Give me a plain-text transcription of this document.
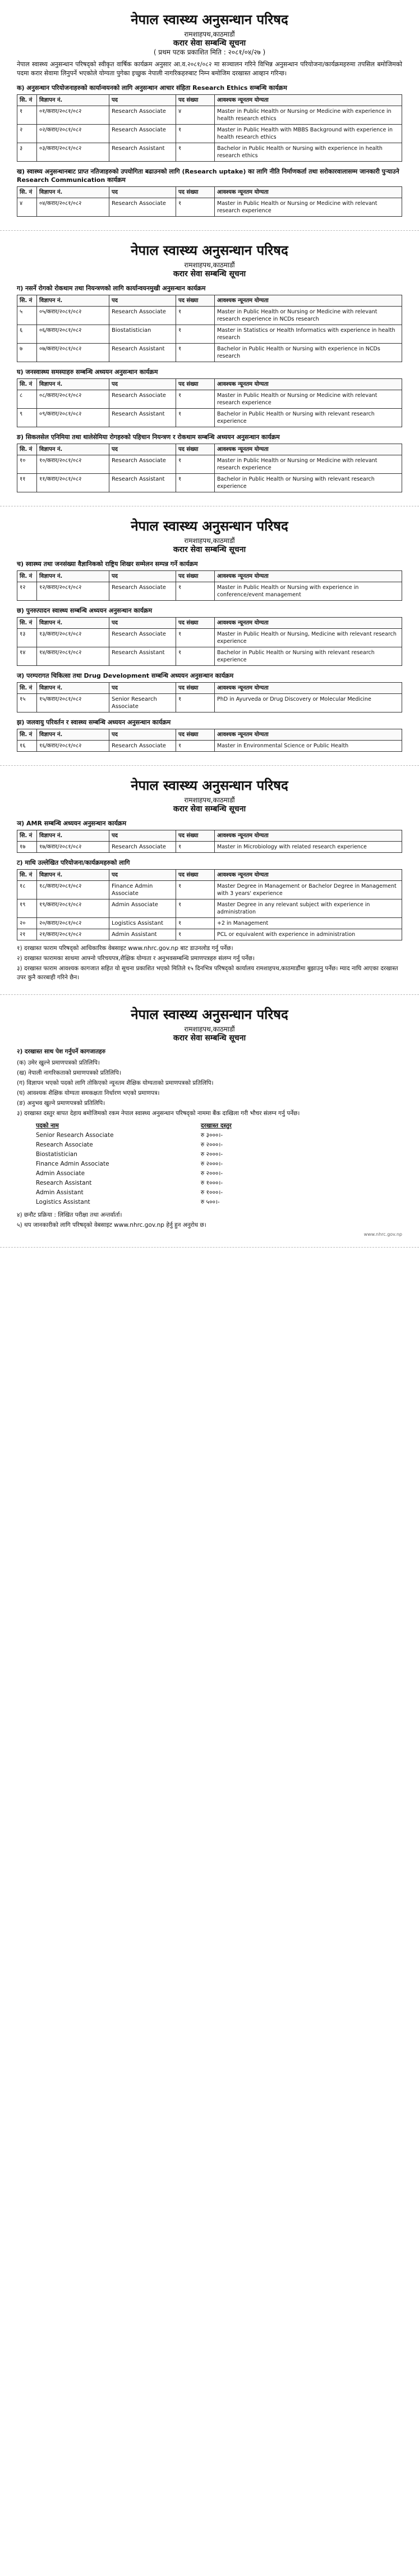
नेपाल स्वास्थ्य अनुसन्धान परिषद
रामशाहपथ,काठमाडौं
करार सेवा सम्बन्धि सूचना
( प्रथम पटक प्रकाशित मिति : २०८१/०४/२७ )
नेपाल स्वास्थ्य अनुसन्धान परिषद्को स्वीकृत वार्षिक कार्यक्रम अनुसार आ.व.२०८१/०८२ मा सञ्चालन गरिने विभिन्न अनुसन्धान परियोजना/कार्यक्रमहरुमा तपसिल बमोजिमको पदमा करार सेवामा लिनुपर्ने भएकोले योग्यता पुगेका इच्छुक नेपाली नागरिकहरुबाट निम्न बमोजिम दरखास्त आव्हान गरिन्छ।
क) अनुसन्धान परियोजनाहरुको कार्यान्वयनको लागि अनुसन्धान आचार संहिता Research Ethics सम्बन्धि कार्यक्रम
सि. नं	विज्ञापन नं.	पद	पद संख्या	आवश्यक न्यूनतम योग्यता
१	०१/करार/२०८१/०८२	Research Associate	४	Master in Public Health or Nursing or Medicine with experience in health research ethics
२	०२/करार/२०८१/०८२	Research Associate	१	Master in Public Health with MBBS Background with experience in health research ethics
३	०३/करार/२०८१/०८२	Research Assistant	१	Bachelor in Public Health or Nursing with experience in health research ethics
ख) स्वास्थ्य अनुसन्धानबाट प्राप्त नतिजाहरुको उपयोगिता बढाउनको लागि (Research uptake) का लागि नीति निर्माणकर्ता तथा सरोकारवालासम्म जानकारी पुऱ्याउने Research Communication कार्यक्रम
सि. नं	विज्ञापन नं.	पद	पद संख्या	आवश्यक न्यूनतम योग्यता
४	०४/करार/२०८१/०८२	Research Associate	१	Master in Public Health or Nursing or Medicine with relevant research experience
नेपाल स्वास्थ्य अनुसन्धान परिषद
रामशाहपथ,काठमाडौं
करार सेवा सम्बन्धि सूचना
ग) नसर्ने रोगको रोकथाम तथा नियन्त्रणको लागि कार्यान्वयनमुखी अनुसन्धान कार्यक्रम
सि. नं	विज्ञापन नं.	पद	पद संख्या	आवश्यक न्यूनतम योग्यता
५	०५/करार/२०८१/०८२	Research Associate	१	Master in Public Health or Nursing or Medicine with relevant research experience in NCDs research
६	०६/करार/२०८१/०८२	Biostatistician	१	Master in Statistics or Health Informatics with experience in health research
७	०७/करार/२०८१/०८२	Research Assistant	१	Bachelor in Public Health or Nursing with experience in NCDs research
घ) जनस्वास्थ्य समस्याहरु सम्बन्धि अध्ययन अनुसन्धान कार्यक्रम
सि. नं	विज्ञापन नं.	पद	पद संख्या	आवश्यक न्यूनतम योग्यता
८	०८/करार/२०८१/०८२	Research Associate	१	Master in Public Health or Nursing or Medicine with relevant research experience
९	०९/करार/२०८१/०८२	Research Assistant	१	Bachelor in Public Health or Nursing with relevant research experience
ङ) सिकलसेल एनिमिया तथा थालेसेमिया रोगहरुको पहिचान नियन्त्रण र रोकथाम सम्बन्धि अध्ययन अनुसन्धान कार्यक्रम
सि. नं	विज्ञापन नं.	पद	पद संख्या	आवश्यक न्यूनतम योग्यता
१०	१०/करार/२०८१/०८२	Research Associate	१	Master in Public Health or Nursing or Medicine with relevant research experience
११	११/करार/२०८१/०८२	Research Assistant	१	Bachelor in Public Health or Nursing with relevant research experience
नेपाल स्वास्थ्य अनुसन्धान परिषद
रामशाहपथ,काठमाडौं
करार सेवा सम्बन्धि सूचना
च) स्वास्थ्य तथा जनसंख्या वैज्ञानिकको राष्ट्रिय शिखर सम्मेलन सम्पन्न गर्ने कार्यक्रम
सि. नं	विज्ञापन नं.	पद	पद संख्या	आवश्यक न्यूनतम योग्यता
१२	१२/करार/२०८१/०८२	Research Associate	१	Master in Public Health or Nursing with experience in conference/event management
छ) पुनरुत्पादन स्वास्थ्य सम्बन्धि अध्ययन अनुसन्धान कार्यक्रम
सि. नं	विज्ञापन नं.	पद	पद संख्या	आवश्यक न्यूनतम योग्यता
१३	१३/करार/२०८१/०८२	Research Associate	१	Master in Public Health or Nursing, Medicine with relevant research experience
१४	१४/करार/२०८१/०८२	Research Assistant	१	Bachelor in Public Health or Nursing with relevant research experience
ज) परम्परागत चिकित्सा तथा Drug Development सम्बन्धि अध्ययन अनुसन्धान कार्यक्रम
सि. नं	विज्ञापन नं.	पद	पद संख्या	आवश्यक न्यूनतम योग्यता
१५	१५/करार/२०८१/०८२	Senior Research Associate	१	PhD in Ayurveda or Drug Discovery or Molecular Medicine
झ) जलवायु परिवर्तन र स्वास्थ्य सम्बन्धि अध्ययन अनुसन्धान कार्यक्रम
सि. नं	विज्ञापन नं.	पद	पद संख्या	आवश्यक न्यूनतम योग्यता
१६	१६/करार/२०८१/०८२	Research Associate	१	Master in Environmental Science or Public Health
नेपाल स्वास्थ्य अनुसन्धान परिषद
रामशाहपथ,काठमाडौं
करार सेवा सम्बन्धि सूचना
ञ) AMR सम्बन्धि अध्ययन अनुसन्धान कार्यक्रम
सि. नं	विज्ञापन नं.	पद	पद संख्या	आवश्यक न्यूनतम योग्यता
१७	१७/करार/२०८१/०८२	Research Associate	१	Master in Microbiology with related research experience
ट) माथि उल्लेखित परियोजना/कार्यक्रमहरुको लागि
सि. नं	विज्ञापन नं.	पद	पद संख्या	आवश्यक न्यूनतम योग्यता
१८	१८/करार/२०८१/०८२	Finance Admin Associate	१	Master Degree in Management or Bachelor Degree in Management with 3 years' experience
१९	१९/करार/२०८१/०८२	Admin Associate	१	Master Degree in any relevant subject with experience in administration
२०	२०/करार/२०८१/०८२	Logistics Assistant	१	+2 in Management
२१	२१/करार/२०८१/०८२	Admin Assistant	१	PCL or equivalent with experience in administration
१) दरखास्त फाराम परिषद्को आधिकारिक वेबसाइट www.nhrc.gov.np बाट डाउनलोड गर्नु पर्नेछ।
२) दरखास्त फारामका साथमा आफ्नो परिचयपत्र,शैक्षिक योग्यता र अनुभवसम्बन्धि प्रमाणपत्रहरु संलग्न गर्नु पर्नेछ।
३) दरखास्त फाराम आवश्यक कागजात सहित यो सूचना प्रकाशित भएको मितिले १५ दिनभित्र परिषद्को कार्यालय रामशाहपथ,काठमाडौंमा बुझाउनु पर्नेछ। म्याद नाघि आएका दरखास्त उपर कुनै कारबाही गरिने छैन।
नेपाल स्वास्थ्य अनुसन्धान परिषद
रामशाहपथ,काठमाडौं
करार सेवा सम्बन्धि सूचना
२) दरखास्त साथ पेश गर्नुपर्ने कागजातहरु
(क) उमेर खुल्ने प्रमाणपत्रको प्रतिलिपि।
(ख) नेपाली नागरिकताको प्रमाणपत्रको प्रतिलिपि।
(ग) विज्ञापन भएको पदको लागि तोकिएको न्यूनतम शैक्षिक योग्यताको प्रमाणपत्रको प्रतिलिपि।
(घ) आवश्यक शैक्षिक योग्यता समकक्षता निर्धारण भएको प्रमाणपत्र।
(ङ) अनुभव खुल्ने प्रमाणपत्रको प्रतिलिपि।
३) दरखास्त दस्तुर बापत देहाय बमोजिमको रकम नेपाल स्वास्थ्य अनुसन्धान परिषद्को नाममा बैंक दाखिला गरी भौचर संलग्न गर्नु पर्नेछ।
पदको नाम	दरखास्त दस्तुर
Senior Research Associate	रु ३०००।-
Research Associate	रु २०००।-
Biostatistician	रु २०००।-
Finance Admin Associate	रु २०००।-
Admin Associate	रु २०००।-
Research Assistant	रु १०००।-
Admin Assistant	रु १०००।-
Logistics Assistant	रु ५००।-
४) छनौट प्रक्रिया : लिखित परीक्षा तथा अन्तर्वार्ता।
५) थप जानकारीको लागि परिषद्को वेबसाइट www.nhrc.gov.np हेर्नु हुन अनुरोध छ।
www.nhrc.gov.np
